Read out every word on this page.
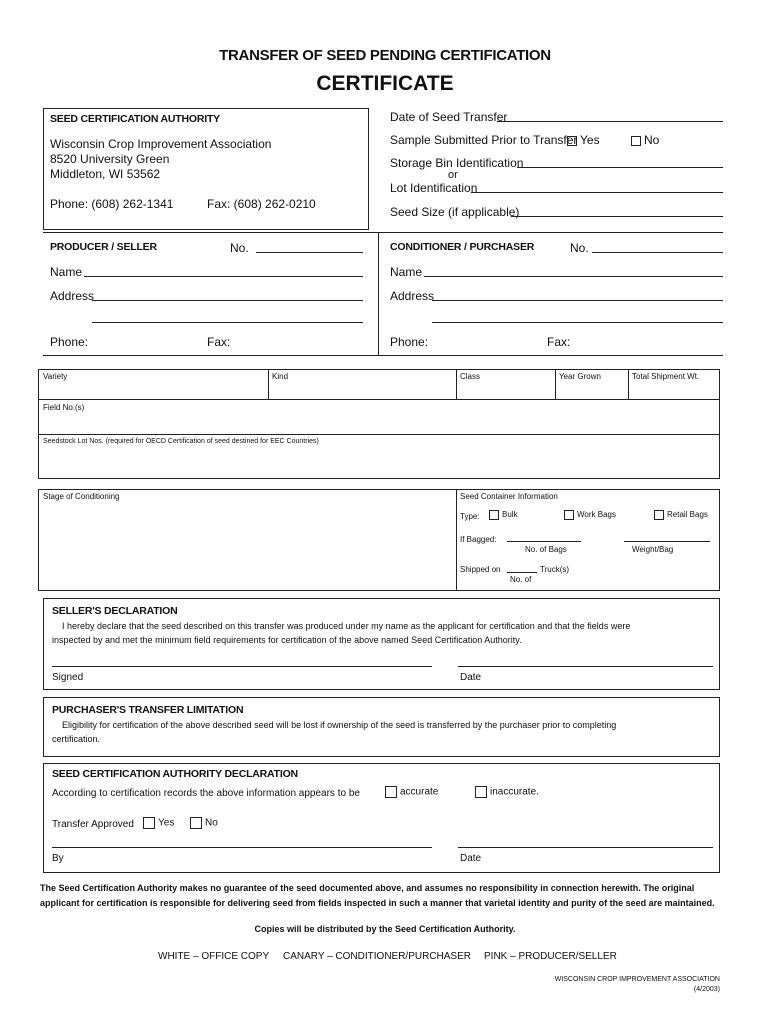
TRANSFER OF SEED PENDING CERTIFICATION
CERTIFICATE
SEED CERTIFICATION AUTHORITY
Wisconsin Crop Improvement Association
8520 University Green
Middleton, WI 53562
Phone: (608) 262-1341	Fax: (608) 262-0210
Date of Seed Transfer
Sample Submitted Prior to Transfer Yes	No
Storage Bin Identification
or
Lot Identification
Seed Size (if applicable)
PRODUCER / SELLER	No.
Name
Address
Phone:	Fax:
CONDITIONER / PURCHASER	No.
Name
Address
Phone:	Fax:
Variety	Kind	Class	Year Grown	Total Shipment Wt.
Field No.(s)
Seedstock Lot Nos. (required for OECD Certification of seed destined for EEC Countries)
Stage of Conditioning	Seed Container Information
Type:	Bulk	Work Bags	Retail Bags
If Bagged:
No. of Bags	Weight/Bag
Shipped on	Truck(s)
No. of
SELLER'S DECLARATION
I hereby declare that the seed described on this transfer was produced under my name as the applicant for certification and that the fields were
inspected by and met the minimum field requirements for certification of the above named Seed Certification Authority.
Signed	Date
PURCHASER'S TRANSFER LIMITATION
Eligibility for certification of the above described seed will be lost if ownership of the seed is transferred by the purchaser prior to completing
certification.
SEED CERTIFICATION AUTHORITY DECLARATION
According to certification records the above information appears to be	accurate	inaccurate.
Transfer Approved	Yes	No
By	Date
The Seed Certification Authority makes no guarantee of the seed documented above, and assumes no responsibility in connection herewith. The original
applicant for certification is responsible for delivering seed from fields inspected in such a manner that varietal identity and purity of the seed are maintained.
Copies will be distributed by the Seed Certification Authority.
WHITE – OFFICE COPY CANARY – CONDITIONER/PURCHASER PINK – PRODUCER/SELLER
WISCONSIN CROP IMPROVEMENT ASSOCIATION
(4/2003)
